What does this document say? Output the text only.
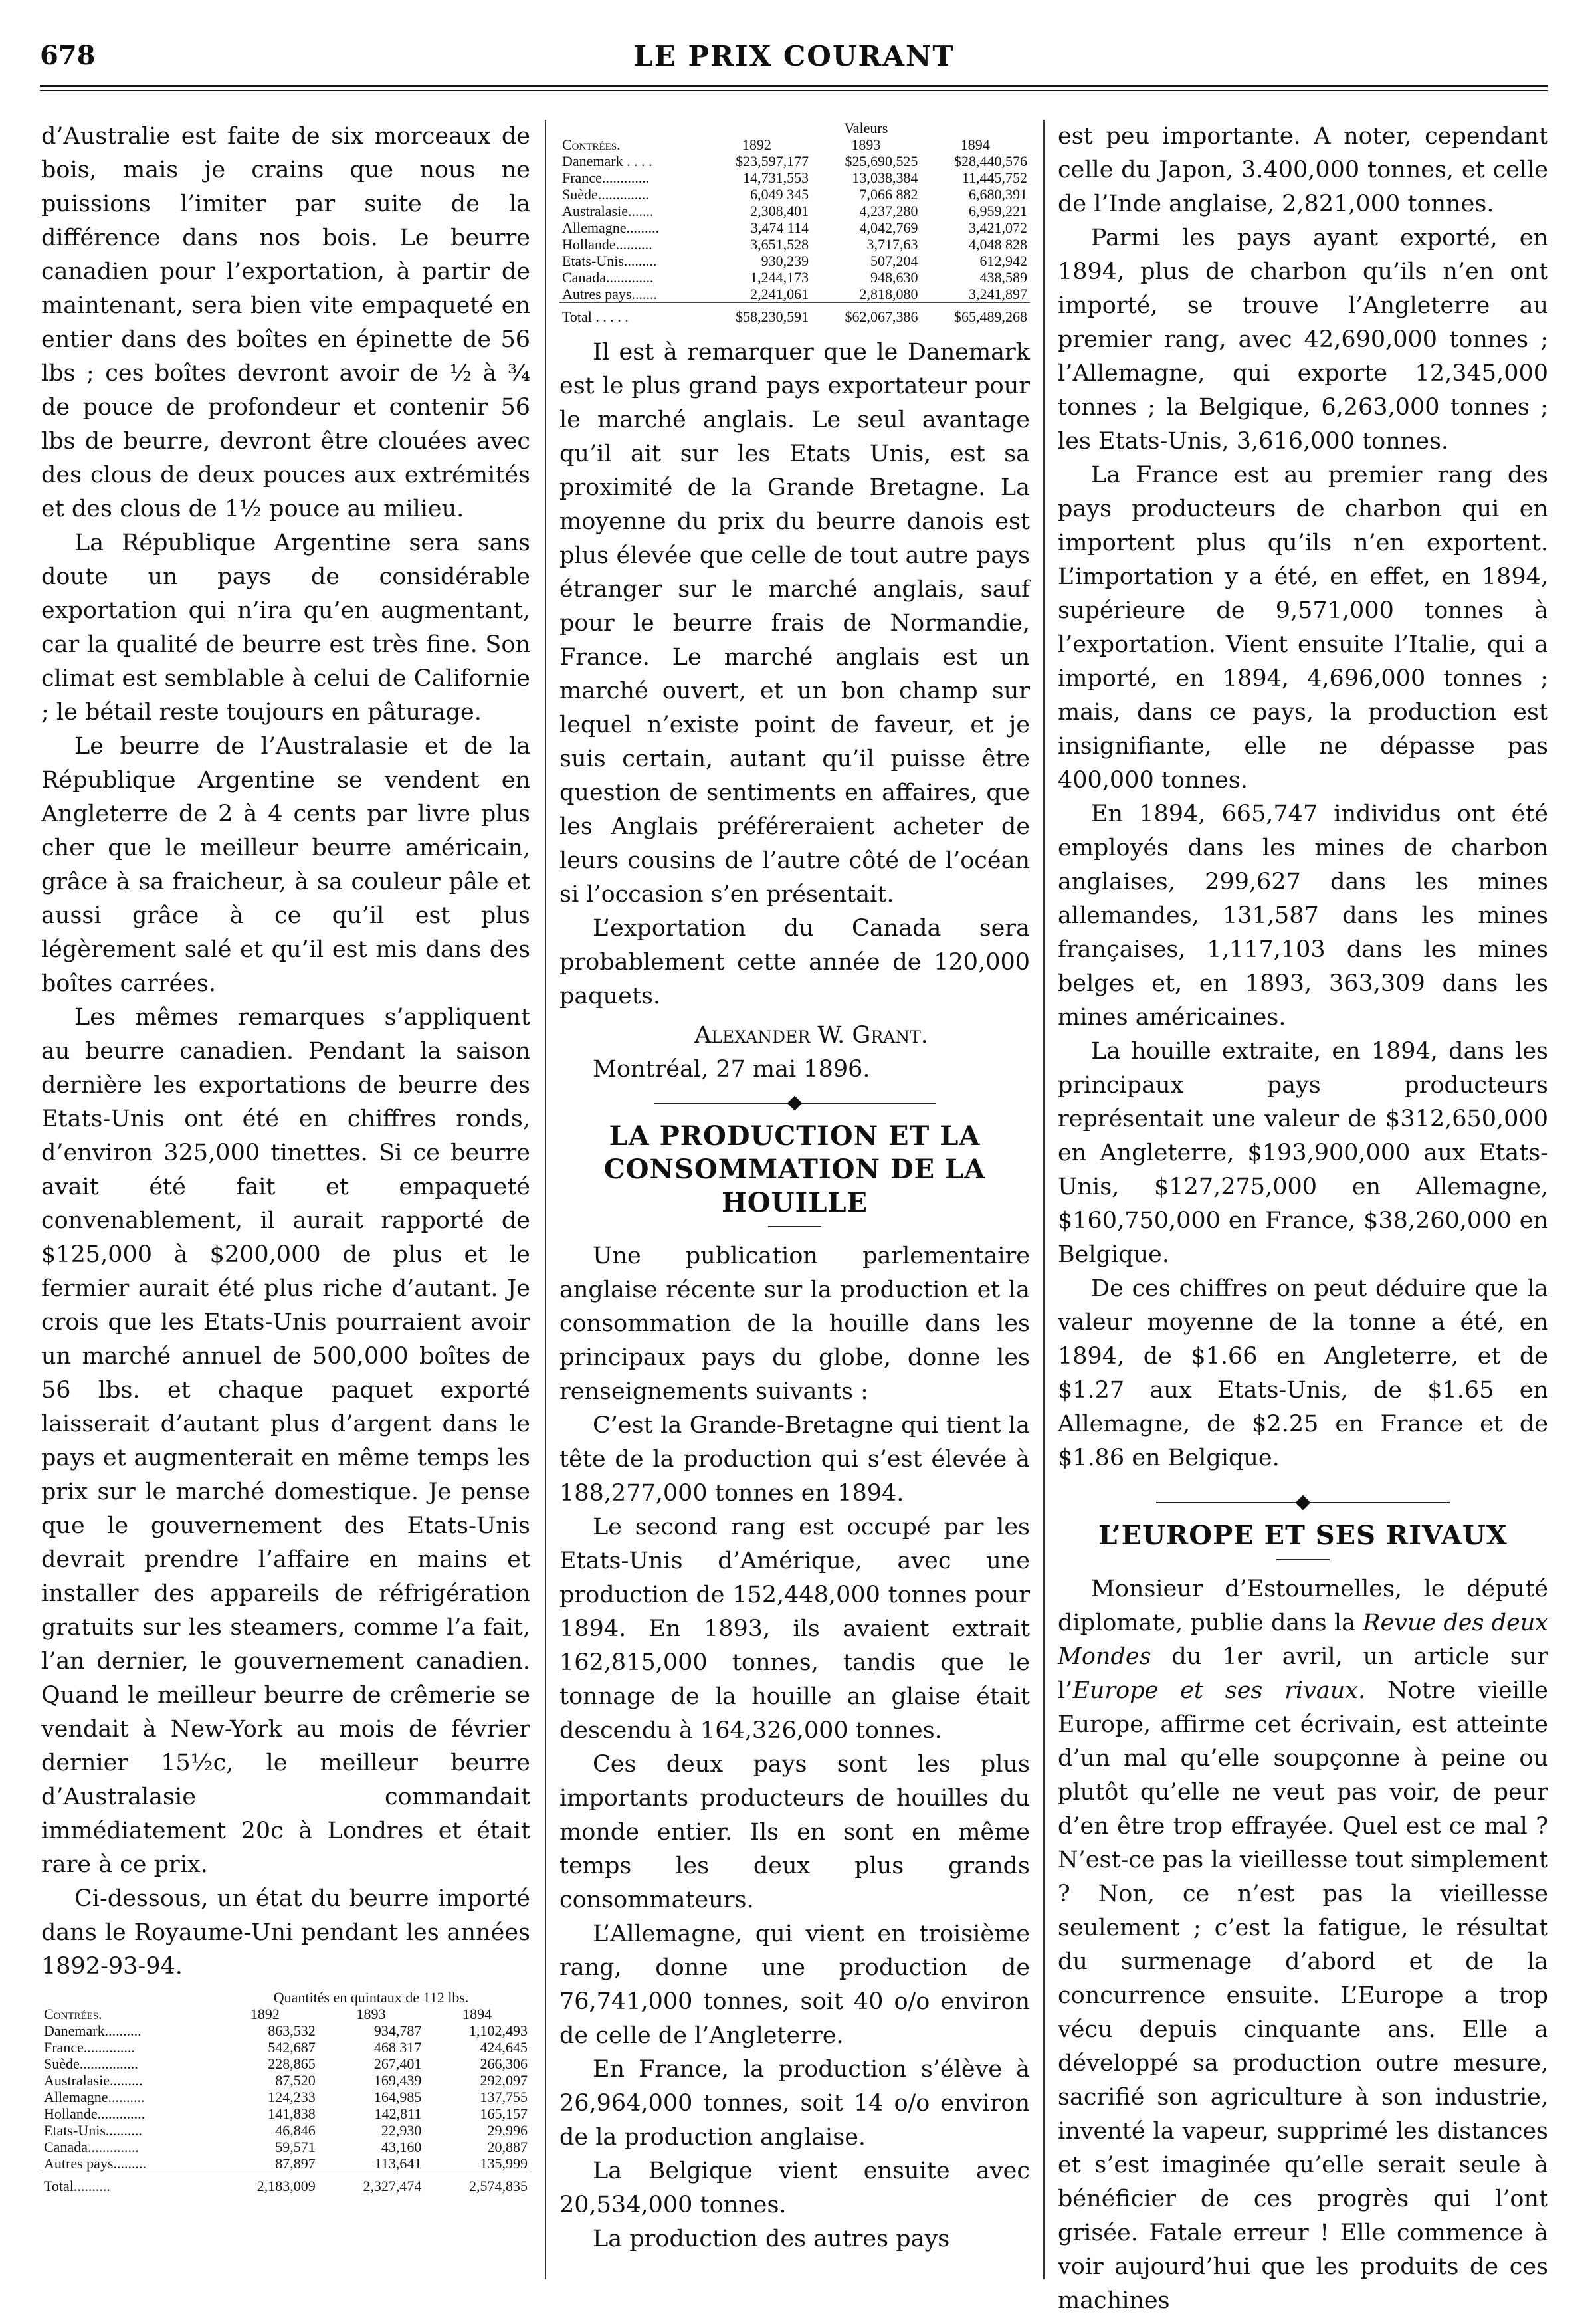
678	LE PRIX COURANT

d’Australie est faite de six morceaux de bois, mais je crains que nous ne puissions l’imiter par suite de la différence dans nos bois. Le beurre canadien pour l’exportation, à partir de maintenant, sera bien vite empaqueté en entier dans des boîtes en épinette de 56 lbs ; ces boîtes devront avoir de ½ à ¾ de pouce de profondeur et contenir 56 lbs de beurre, devront être clouées avec des clous de deux pouces aux extrémités et des clous de 1½ pouce au milieu.

La République Argentine sera sans doute un pays de considérable exportation qui n’ira qu’en augmentant, car la qualité de beurre est très fine. Son climat est semblable à celui de Californie ; le bétail reste toujours en pâturage.

Le beurre de l’Australasie et de la République Argentine se vendent en Angleterre de 2 à 4 cents par livre plus cher que le meilleur beurre américain, grâce à sa fraicheur, à sa couleur pâle et aussi grâce à ce qu’il est plus légèrement salé et qu’il est mis dans des boîtes carrées.

Les mêmes remarques s’appliquent au beurre canadien. Pendant la saison dernière les exportations de beurre des Etats-Unis ont été en chiffres ronds, d’environ 325,000 tinettes. Si ce beurre avait été fait et empaqueté convenablement, il aurait rapporté de $125,000 à $200,000 de plus et le fermier aurait été plus riche d’autant. Je crois que les Etats-Unis pourraient avoir un marché annuel de 500,000 boîtes de 56 lbs. et chaque paquet exporté laisserait d’autant plus d’argent dans le pays et augmenterait en même temps les prix sur le marché domestique. Je pense que le gouvernement des Etats-Unis devrait prendre l’affaire en mains et installer des appareils de réfrigération gratuits sur les steamers, comme l’a fait, l’an dernier, le gouvernement canadien. Quand le meilleur beurre de crêmerie se vendait à New-York au mois de février dernier 15½c, le meilleur beurre d’Australasie commandait immédiatement 20c à Londres et était rare à ce prix.

Ci-dessous, un état du beurre importé dans le Royaume-Uni pendant les années 1892-93-94.

Contrées.	Quantités en quintaux de 112 lbs.		
	1892	1893	1894
Danemark..........	863,532	934,787	1,102,493
France..............	542,687	468 317	424,645
Suède................	228,865	267,401	266,306
Australasie.........	87,520	169,439	292,097
Allemagne..........	124,233	164,985	137,755
Hollande.............	141,838	142,811	165,157
Etats-Unis..........	46,846	22,930	29,996
Canada..............	59,571	43,160	20,887
Autres pays.........	87,897	113,641	135,999
Total..........	2,183,009	2,327,474	2,574,835
Contrées.	Valeurs		
	1892	1893	1894
Danemark . . . .	$23,597,177	$25,690,525	$28,440,576
France.............	14,731,553	13,038,384	11,445,752
Suède..............	6,049 345	7,066 882	6,680,391
Australasie.......	2,308,401	4,237,280	6,959,221
Allemagne.........	3,474 114	4,042,769	3,421,072
Hollande..........	3,651,528	3,717,63	4,048 828
Etats-Unis.........	930,239	507,204	612,942
Canada.............	1,244,173	948,630	438,589
Autres pays.......	2,241,061	2,818,080	3,241,897
Total . . . . .	$58,230,591	$62,067,386	$65,489,268

Il est à remarquer que le Danemark est le plus grand pays exportateur pour le marché anglais. Le seul avantage qu’il ait sur les Etats Unis, est sa proximité de la Grande Bretagne. La moyenne du prix du beurre danois est plus élevée que celle de tout autre pays étranger sur le marché anglais, sauf pour le beurre frais de Normandie, France. Le marché anglais est un marché ouvert, et un bon champ sur lequel n’existe point de faveur, et je suis certain, autant qu’il puisse être question de sentiments en affaires, que les Anglais préféreraient acheter de leurs cousins de l’autre côté de l’océan si l’occasion s’en présentait.

L’exportation du Canada sera probablement cette année de 120,000 paquets.

Alexander W. Grant.

Montréal, 27 mai 1896.

LA PRODUCTION ET LA CONSOMMATION DE LA HOUILLE

Une publication parlementaire anglaise récente sur la production et la consommation de la houille dans les principaux pays du globe, donne les renseignements suivants :

C’est la Grande-Bretagne qui tient la tête de la production qui s’est élevée à 188,277,000 tonnes en 1894.

Le second rang est occupé par les Etats-Unis d’Amérique, avec une production de 152,448,000 tonnes pour 1894. En 1893, ils avaient extrait 162,815,000 tonnes, tandis que le tonnage de la houille an glaise était descendu à 164,326,000 tonnes.

Ces deux pays sont les plus importants producteurs de houilles du monde entier. Ils en sont en même temps les deux plus grands consommateurs.

L’Allemagne, qui vient en troisième rang, donne une production de 76,741,000 tonnes, soit 40 o/o environ de celle de l’Angleterre.

En France, la production s’élève à 26,964,000 tonnes, soit 14 o/o environ de la production anglaise.

La Belgique vient ensuite avec 20,534,000 tonnes.

La production des autres pays

est peu importante. A noter, cependant celle du Japon, 3.400,000 tonnes, et celle de l’Inde anglaise, 2,821,000 tonnes.

Parmi les pays ayant exporté, en 1894, plus de charbon qu’ils n’en ont importé, se trouve l’Angleterre au premier rang, avec 42,690,000 tonnes ; l’Allemagne, qui exporte 12,345,000 tonnes ; la Belgique, 6,263,000 tonnes ; les Etats-Unis, 3,616,000 tonnes.

La France est au premier rang des pays producteurs de charbon qui en importent plus qu’ils n’en exportent. L’importation y a été, en effet, en 1894, supérieure de 9,571,000 tonnes à l’exportation. Vient ensuite l’Italie, qui a importé, en 1894, 4,696,000 tonnes ; mais, dans ce pays, la production est insignifiante, elle ne dépasse pas 400,000 tonnes.

En 1894, 665,747 individus ont été employés dans les mines de charbon anglaises, 299,627 dans les mines allemandes, 131,587 dans les mines françaises, 1,117,103 dans les mines belges et, en 1893, 363,309 dans les mines américaines.

La houille extraite, en 1894, dans les principaux pays producteurs représentait une valeur de $312,650,000 en Angleterre, $193,900,000 aux Etats-Unis, $127,275,000 en Allemagne, $160,750,000 en France, $38,260,000 en Belgique.

De ces chiffres on peut déduire que la valeur moyenne de la tonne a été, en 1894, de $1.66 en Angleterre, et de $1.27 aux Etats-Unis, de $1.65 en Allemagne, de $2.25 en France et de $1.86 en Belgique.

L’EUROPE ET SES RIVAUX

Monsieur d’Estournelles, le député diplomate, publie dans la Revue des deux Mondes du 1er avril, un article sur l’Europe et ses rivaux. Notre vieille Europe, affirme cet écrivain, est atteinte d’un mal qu’elle soupçonne à peine ou plutôt qu’elle ne veut pas voir, de peur d’en être trop effrayée. Quel est ce mal ? N’est-ce pas la vieillesse tout simplement ? Non, ce n’est pas la vieillesse seulement ; c’est la fatigue, le résultat du surmenage d’abord et de la concurrence ensuite. L’Europe a trop vécu depuis cinquante ans. Elle a développé sa production outre mesure, sacrifié son agriculture à son industrie, inventé la vapeur, supprimé les distances et s’est imaginée qu’elle serait seule à bénéficier de ces progrès qui l’ont grisée. Fatale erreur ! Elle commence à voir aujourd’hui que les produits de ces machines
